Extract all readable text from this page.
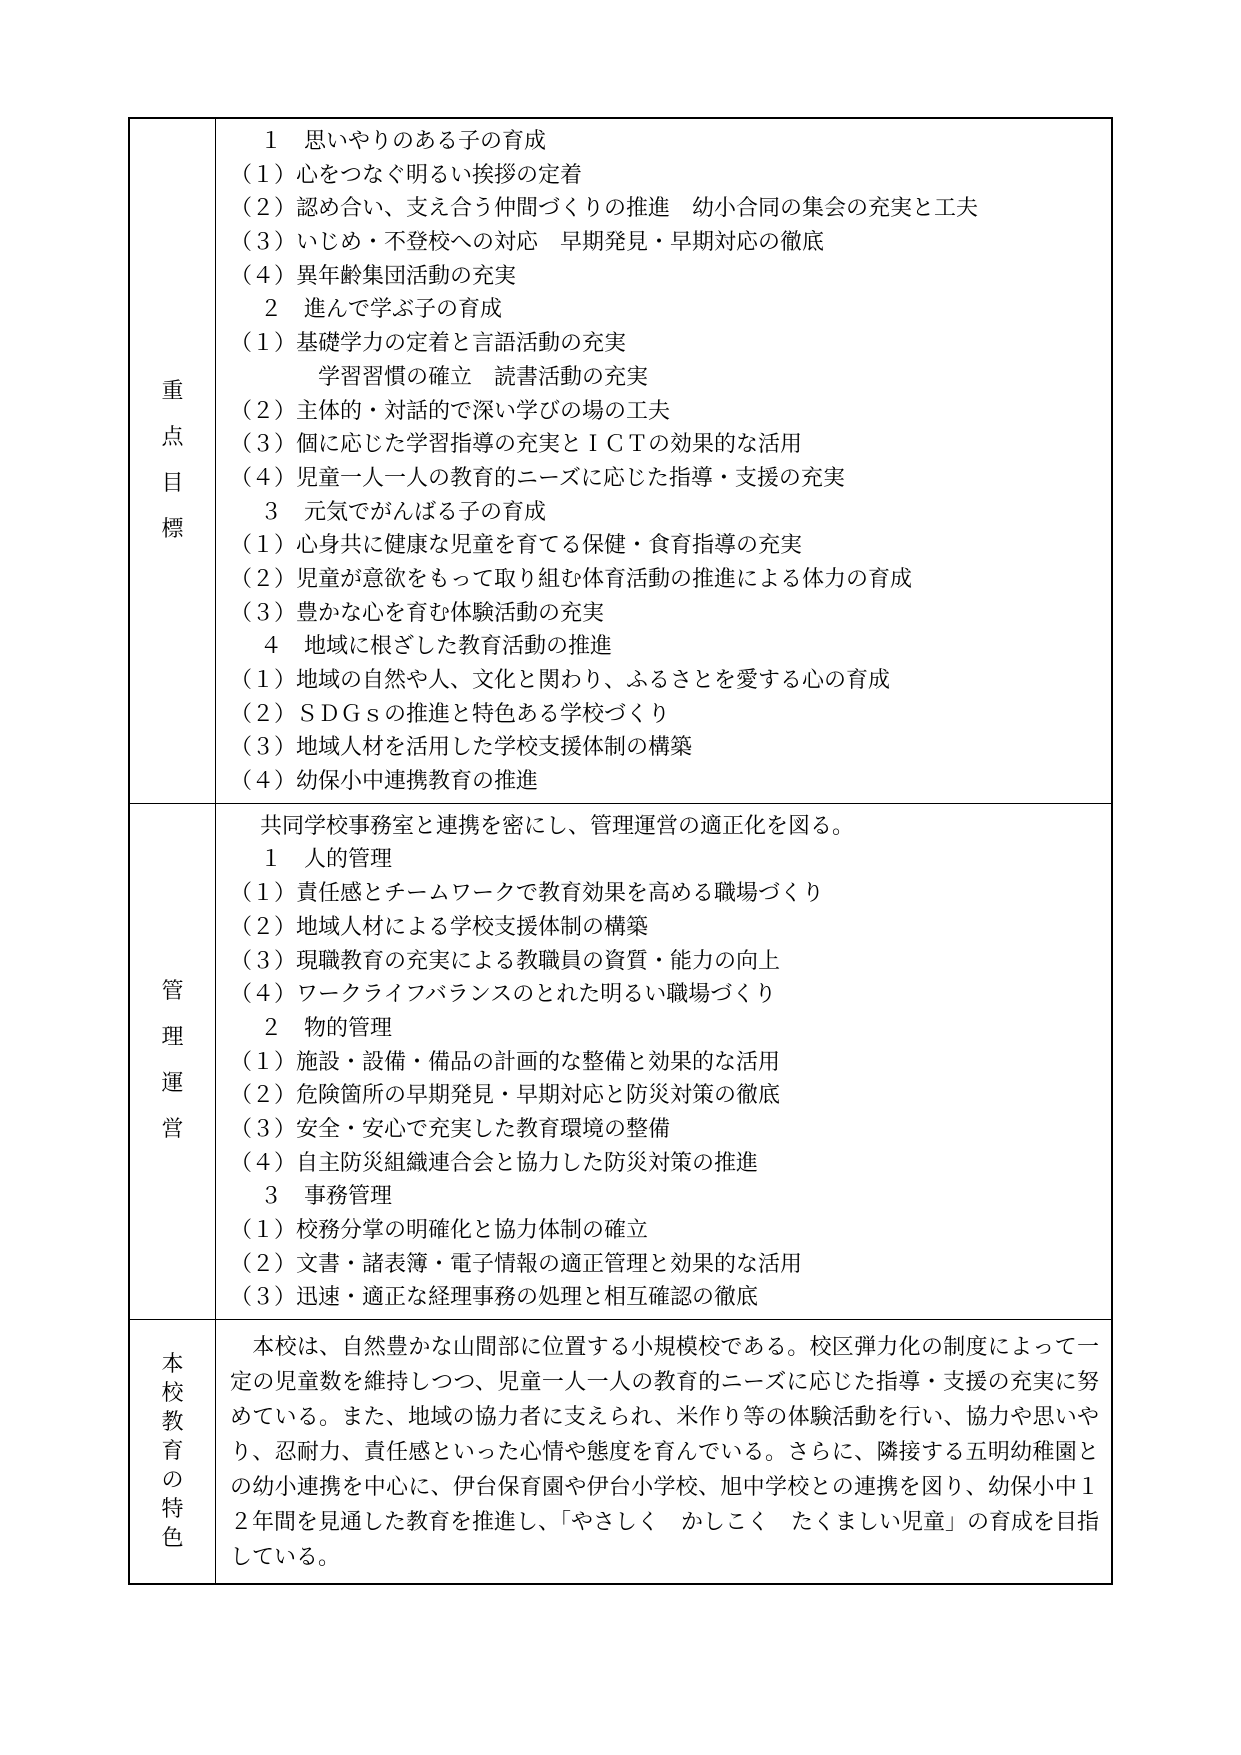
重
点
目
標
１　思いやりのある子の育成
（１）心をつなぐ明るい挨拶の定着
（２）認め合い、支え合う仲間づくりの推進　幼小合同の集会の充実と工夫
（３）いじめ・不登校への対応　早期発見・早期対応の徹底
（４）異年齢集団活動の充実
２　進んで学ぶ子の育成
（１）基礎学力の定着と言語活動の充実
学習習慣の確立　読書活動の充実
（２）主体的・対話的で深い学びの場の工夫
（３）個に応じた学習指導の充実とＩＣＴの効果的な活用
（４）児童一人一人の教育的ニーズに応じた指導・支援の充実
３　元気でがんばる子の育成
（１）心身共に健康な児童を育てる保健・食育指導の充実
（２）児童が意欲をもって取り組む体育活動の推進による体力の育成
（３）豊かな心を育む体験活動の充実
４　地域に根ざした教育活動の推進
（１）地域の自然や人、文化と関わり、ふるさとを愛する心の育成
（２）ＳＤＧｓの推進と特色ある学校づくり
（３）地域人材を活用した学校支援体制の構築
（４）幼保小中連携教育の推進
管
理
運
営
共同学校事務室と連携を密にし、管理運営の適正化を図る。
１　人的管理
（１）責任感とチームワークで教育効果を高める職場づくり
（２）地域人材による学校支援体制の構築
（３）現職教育の充実による教職員の資質・能力の向上
（４）ワークライフバランスのとれた明るい職場づくり
２　物的管理
（１）施設・設備・備品の計画的な整備と効果的な活用
（２）危険箇所の早期発見・早期対応と防災対策の徹底
（３）安全・安心で充実した教育環境の整備
（４）自主防災組織連合会と協力した防災対策の推進
３　事務管理
（１）校務分掌の明確化と協力体制の確立
（２）文書・諸表簿・電子情報の適正管理と効果的な活用
（３）迅速・適正な経理事務の処理と相互確認の徹底
本
校
教
育
の
特
色
　本校は、自然豊かな山間部に位置する小規模校である。校区弾力化の制度によって一定の児童数を維持しつつ、児童一人一人の教育的ニーズに応じた指導・支援の充実に努めている。また、地域の協力者に支えられ、米作り等の体験活動を行い、協力や思いやり、忍耐力、責任感といった心情や態度を育んでいる。さらに、隣接する五明幼稚園との幼小連携を中心に、伊台保育園や伊台小学校、旭中学校との連携を図り、幼保小中１２年間を見通した教育を推進し、「やさしく　かしこく　たくましい児童」の育成を目指している。
